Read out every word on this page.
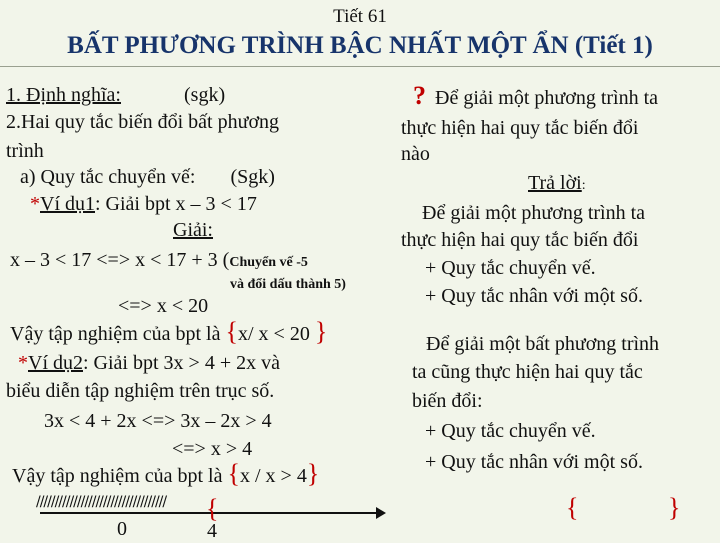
Tiết 61
BẤT PHƯƠNG TRÌNH BẬC NHẤT MỘT ẨN (Tiết 1)
1. Định nghĩa:	(sgk)
2.Hai quy tắc biến đổi bất phương
trình
a) Quy tắc chuyển vế: (Sgk)
*Ví dụ1: Giải bpt x – 3 < 17
Giải:
x – 3 < 17 <=> x < 17 + 3 (Chuyển vế -5
và đổi dấu thành 5)
<=> x < 20
Vậy tập nghiệm của bpt là {x/ x < 20 }
*Ví dụ2: Giải bpt 3x > 4 + 2x và
biểu diễn tập nghiệm trên trục số.
3x < 4 + 2x <=> 3x – 2x > 4
<=> x > 4
Vậy tập nghiệm của bpt là {x / x > 4}
/////////////////////////////////// {
0	4
? Để giải một phương trình ta
thực hiện hai quy tắc biến đổi
nào
Trả lời:
Để giải một phương trình ta
thực hiện hai quy tắc biến đổi
+ Quy tắc chuyển vế.
+ Quy tắc nhân với một số.
Để giải một bất phương trình
ta cũng thực hiện hai quy tắc
biến đổi:
+ Quy tắc chuyển vế.
+ Quy tắc nhân với một số.
{	}
